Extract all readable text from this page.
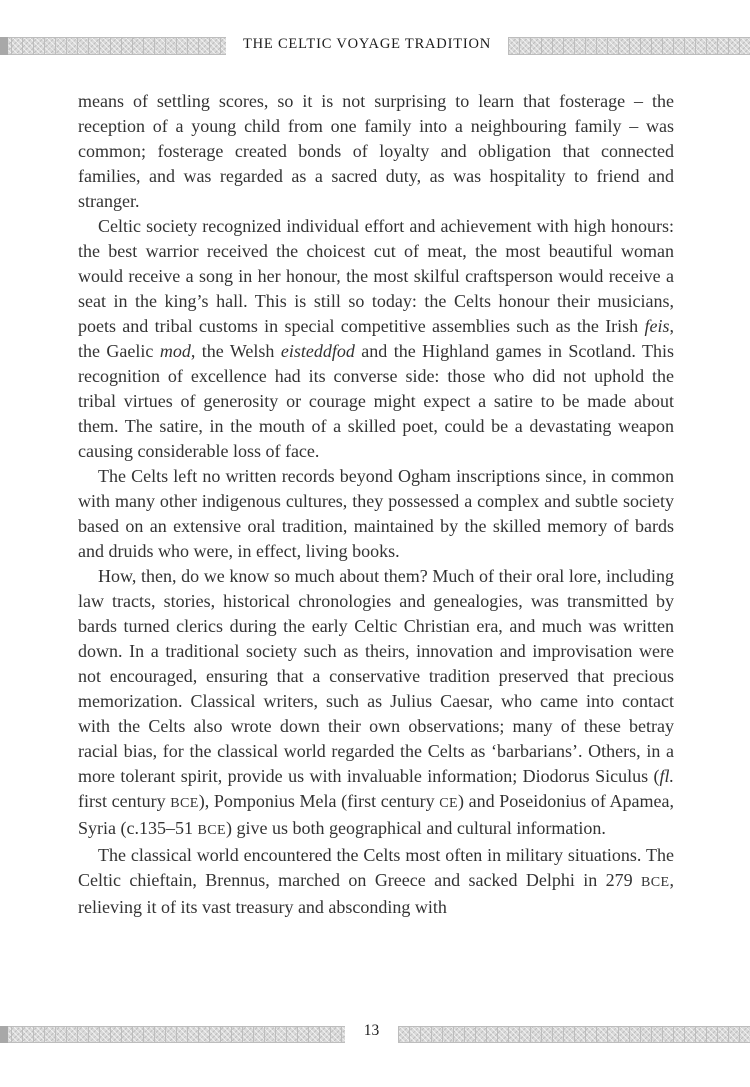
THE CELTIC VOYAGE TRADITION

means of settling scores, so it is not surprising to learn that fosterage – the reception of a young child from one family into a neighbouring family – was common; fosterage created bonds of loyalty and obligation that connected families, and was regarded as a sacred duty, as was hospitality to friend and stranger.

Celtic society recognized individual effort and achievement with high honours: the best warrior received the choicest cut of meat, the most beautiful woman would receive a song in her honour, the most skilful craftsperson would receive a seat in the king’s hall. This is still so today: the Celts honour their musicians, poets and tribal customs in special competitive assemblies such as the Irish feis, the Gaelic mod, the Welsh eisteddfod and the Highland games in Scotland. This recognition of excellence had its converse side: those who did not uphold the tribal virtues of generosity or courage might expect a satire to be made about them. The satire, in the mouth of a skilled poet, could be a devastating weapon causing considerable loss of face.

The Celts left no written records beyond Ogham inscriptions since, in common with many other indigenous cultures, they possessed a complex and subtle society based on an extensive oral tradition, maintained by the skilled memory of bards and druids who were, in effect, living books.

How, then, do we know so much about them? Much of their oral lore, including law tracts, stories, historical chronologies and genealogies, was transmitted by bards turned clerics during the early Celtic Christian era, and much was written down. In a traditional society such as theirs, innovation and improvisation were not encouraged, ensuring that a conservative tradition preserved that precious memorization. Classical writers, such as Julius Caesar, who came into contact with the Celts also wrote down their own observations; many of these betray racial bias, for the classical world regarded the Celts as ‘barbarians’. Others, in a more tolerant spirit, provide us with invaluable information; Diodorus Siculus (fl. first century BCE), Pomponius Mela (first century CE) and Poseidonius of Apamea, Syria (c.135–51 BCE) give us both geographical and cultural information.

The classical world encountered the Celts most often in military situations. The Celtic chieftain, Brennus, marched on Greece and sacked Delphi in 279 BCE, relieving it of its vast treasury and absconding with

13
